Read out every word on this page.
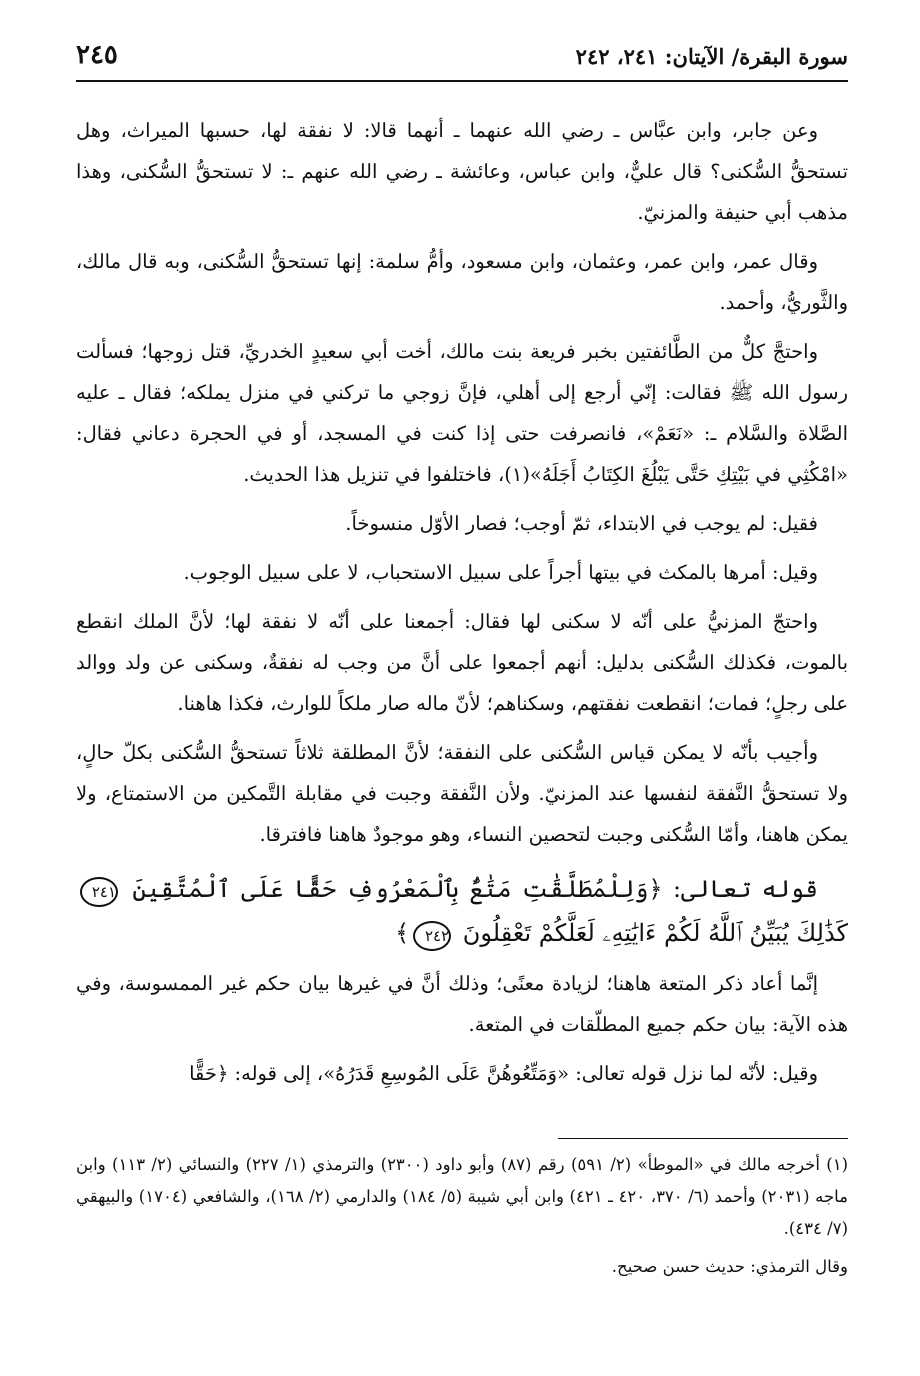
سورة البقرة/ الآيتان: ٢٤١، ٢٤٢
٢٤٥

وعن جابر، وابن عبَّاس ـ رضي الله عنهما ـ أنهما قالا: لا نفقة لها، حسبها الميراث، وهل تستحقُّ السُّكنى؟ قال عليٌّ، وابن عباس، وعائشة ـ رضي الله عنهم ـ: لا تستحقُّ السُّكنى، وهذا مذهب أبي حنيفة والمزنيّ.

وقال عمر، وابن عمر، وعثمان، وابن مسعود، وأمُّ سلمة: إنها تستحقُّ السُّكنى، وبه قال مالك، والثَّوريُّ، وأحمد.

واحتجَّ كلٌّ من الطَّائفتين بخبر فريعة بنت مالك، أخت أبي سعيدٍ الخدريِّ، قتل زوجها؛ فسألت رسول الله ﷺ فقالت: إنّي أرجع إلى أهلي، فإنَّ زوجي ما تركني في منزل يملكه؛ فقال ـ عليه الصَّلاة والسَّلام ـ: «نَعَمْ»، فانصرفت حتى إذا كنت في المسجد، أو في الحجرة دعاني فقال: «امْكُثِي في بَيْتِكِ حَتَّى يَبْلُغَ الكِتَابُ أَجَلَهُ»(١)، فاختلفوا في تنزيل هذا الحديث.

فقيل: لم يوجب في الابتداء، ثمّ أوجب؛ فصار الأوّل منسوخاً.

وقيل: أمرها بالمكث في بيتها أجراً على سبيل الاستحباب، لا على سبيل الوجوب.

واحتجّ المزنيُّ على أنّه لا سكنى لها فقال: أجمعنا على أنّه لا نفقة لها؛ لأنَّ الملك انقطع بالموت، فكذلك السُّكنى بدليل: أنهم أجمعوا على أنَّ من وجب له نفقةٌ، وسكنى عن ولد ووالد على رجلٍ؛ فمات؛ انقطعت نفقتهم، وسكناهم؛ لأنّ ماله صار ملكاً للوارث، فكذا هاهنا.

وأجيب بأنّه لا يمكن قياس السُّكنى على النفقة؛ لأنَّ المطلقة ثلاثاً تستحقُّ السُّكنى بكلّ حالٍ، ولا تستحقُّ النَّفقة لنفسها عند المزنيّ. ولأن النَّفقة وجبت في مقابلة التَّمكين من الاستمتاع، ولا يمكن هاهنا، وأمّا السُّكنى وجبت لتحصين النساء، وهو موجودٌ هاهنا فافترقا.

قوله تعالى: ﴿وَلِلْمُطَلَّقَٰتِ مَتَٰعٌۢ بِٱلْمَعْرُوفِ حَقًّا عَلَى ٱلْمُتَّقِينَ ٢٤١ كَذَٰلِكَ يُبَيِّنُ ٱللَّهُ لَكُمْ ءَايَٰتِهِۦ لَعَلَّكُمْ تَعْقِلُونَ ٢٤٢﴾

إنَّما أعاد ذكر المتعة هاهنا؛ لزيادة معنًى؛ وذلك أنَّ في غيرها بيان حكم غير الممسوسة، وفي هذه الآية: بيان حكم جميع المطلّقات في المتعة.

وقيل: لأنّه لما نزل قوله تعالى: «وَمَتِّعُوهُنَّ عَلَى المُوسِعِ قَدَرُهُ»، إلى قوله: ﴿حَقًّا

(١) أخرجه مالك في «الموطأ» (٢/ ٥٩١) رقم (٨٧) وأبو داود (٢٣٠٠) والترمذي (١/ ٢٢٧) والنسائي (٢/ ١١٣) وابن ماجه (٢٠٣١) وأحمد (٦/ ٣٧٠، ٤٢٠ ـ ٤٢١) وابن أبي شيبة (٥/ ١٨٤) والدارمي (٢/ ١٦٨)، والشافعي (١٧٠٤) والبيهقي (٧/ ٤٣٤).

وقال الترمذي: حديث حسن صحيح.
